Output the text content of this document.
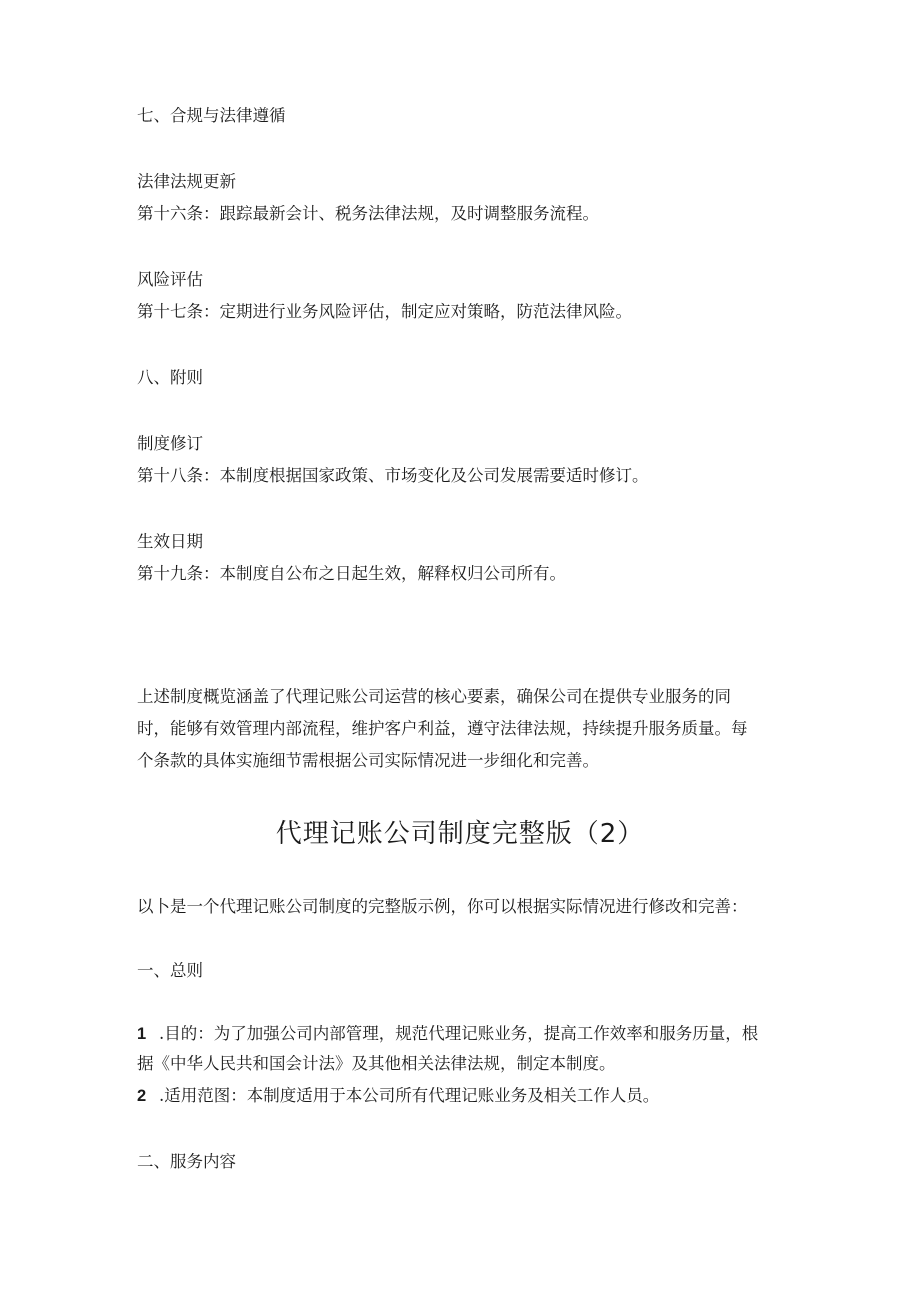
七、合规与法律遵循
法律法规更新
第十六条：跟踪最新会计、税务法律法规，及时调整服务流程。
风险评估
第十七条：定期进行业务风险评估，制定应对策略，防范法律风险。
八、附则
制度修订
第十八条：本制度根据国家政策、市场变化及公司发展需要适时修订。
生效日期
第十九条：本制度自公布之日起生效，解释权归公司所有。
上述制度概览涵盖了代理记账公司运营的核心要素，确保公司在提供专业服务的同
时，能够有效管理内部流程，维护客户利益，遵守法律法规，持续提升服务质量。每
个条款的具体实施细节需根据公司实际情况进一步细化和完善。
代理记账公司制度完整版（2）
以卜是一个代理记账公司制度的完整版示例，你可以根据实际情况进行修改和完善：
一、总则
1 .目的：为了加强公司内部管理，规范代理记账业务，提高工作效率和服务历量，根
据《中华人民共和国会计法》及其他相关法律法规，制定本制度。
2 .适用范图：本制度适用于本公司所有代理记账业务及相关工作人员。
二、服务内容
